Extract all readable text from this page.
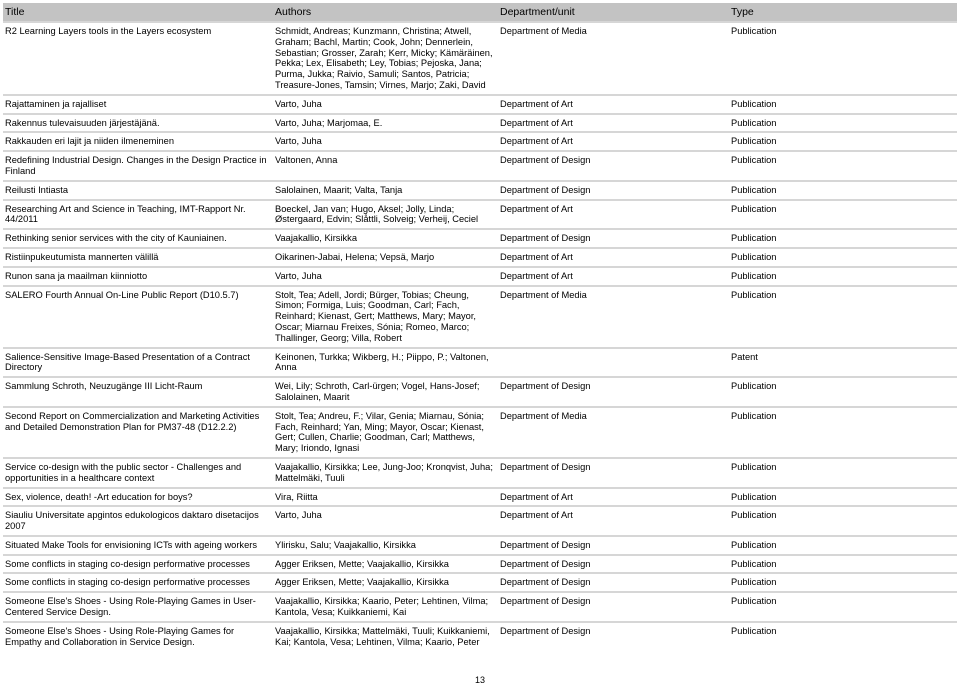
Title	Authors	Department/unit	Type

R2 Learning Layers tools in the Layers ecosystem	Schmidt, Andreas; Kunzmann, Christina; Atwell, Graham; Bachl, Martin; Cook, John; Dennerlein, Sebastian; Grosser, Zarah; Kerr, Micky; Kämäräinen, Pekka; Lex, Elisabeth; Ley, Tobias; Pejoska, Jana; Purma, Jukka; Raivio, Samuli; Santos, Patricia; Treasure-Jones, Tamsin; Virnes, Marjo; Zaki, David	Department of Media	Publication

Rajattaminen ja rajalliset	Varto, Juha	Department of Art	Publication

Rakennus tulevaisuuden järjestäjänä.	Varto, Juha; Marjomaa, E.	Department of Art	Publication

Rakkauden eri lajit ja niiden ilmeneminen	Varto, Juha	Department of Art	Publication

Redefining Industrial Design. Changes in the Design Practice in Finland	Valtonen, Anna	Department of Design	Publication

Reilusti Intiasta	Salolainen, Maarit; Valta, Tanja	Department of Design	Publication

Researching Art and Science in Teaching, IMT-Rapport Nr. 44/2011	Boeckel, Jan van; Hugo, Aksel; Jolly, Linda; Østergaard, Edvin; Slåttli, Solveig; Verheij, Ceciel	Department of Art	Publication

Rethinking senior services with the city of Kauniainen.	Vaajakallio, Kirsikka	Department of Design	Publication

Ristiinpukeutumista mannerten välillä	Oikarinen-Jabai, Helena; Vepsä, Marjo	Department of Art	Publication

Runon sana ja maailman kiinniotto	Varto, Juha	Department of Art	Publication

SALERO Fourth Annual On-Line Public Report (D10.5.7)	Stolt, Tea; Adell, Jordi; Bürger, Tobias; Cheung, Simon; Formiga, Luis; Goodman, Carl; Fach, Reinhard; Kienast, Gert; Matthews, Mary; Mayor, Oscar; Miarnau Freixes, Sónia; Romeo, Marco; Thallinger, Georg; Villa, Robert	Department of Media	Publication

Salience-Sensitive Image-Based Presentation of a Contract Directory	Keinonen, Turkka; Wikberg, H.; Piippo, P.; Valtonen, Anna		Patent

Sammlung Schroth, Neuzugänge III Licht-Raum	Wei, Lily; Schroth, Carl-ürgen; Vogel, Hans-Josef; Salolainen, Maarit	Department of Design	Publication

Second Report on Commercialization and Marketing Activities and Detailed Demonstration Plan for PM37-48 (D12.2.2)	Stolt, Tea; Andreu, F.; Vilar, Genia; Miarnau, Sónia; Fach, Reinhard; Yan, Ming; Mayor, Oscar; Kienast, Gert; Cullen, Charlie; Goodman, Carl; Matthews, Mary; Iriondo, Ignasi	Department of Media	Publication

Service co-design with the public sector - Challenges and opportunities in a healthcare context	Vaajakallio, Kirsikka; Lee, Jung-Joo; Kronqvist, Juha; Mattelmäki, Tuuli	Department of Design	Publication

Sex, violence, death! -Art education for boys?	Vira, Riitta	Department of Art	Publication

Siauliu Universitate apgintos edukologicos daktaro disetacijos 2007	Varto, Juha	Department of Art	Publication

Situated Make Tools for envisioning ICTs with ageing workers	Ylirisku, Salu; Vaajakallio, Kirsikka	Department of Design	Publication

Some conflicts in staging co-design performative processes	Agger Eriksen, Mette; Vaajakallio, Kirsikka	Department of Design	Publication

Some conflicts in staging co-design performative processes	Agger Eriksen, Mette; Vaajakallio, Kirsikka	Department of Design	Publication

Someone Else's Shoes - Using Role-Playing Games in User-Centered Service Design.	Vaajakallio, Kirsikka; Kaario, Peter; Lehtinen, Vilma; Kantola, Vesa; Kuikkaniemi, Kai	Department of Design	Publication

Someone Else's Shoes - Using Role-Playing Games for Empathy and Collaboration in Service Design.	Vaajakallio, Kirsikka; Mattelmäki, Tuuli; Kuikkaniemi, Kai; Kantola, Vesa; Lehtinen, Vilma; Kaario, Peter	Department of Design	Publication
13
